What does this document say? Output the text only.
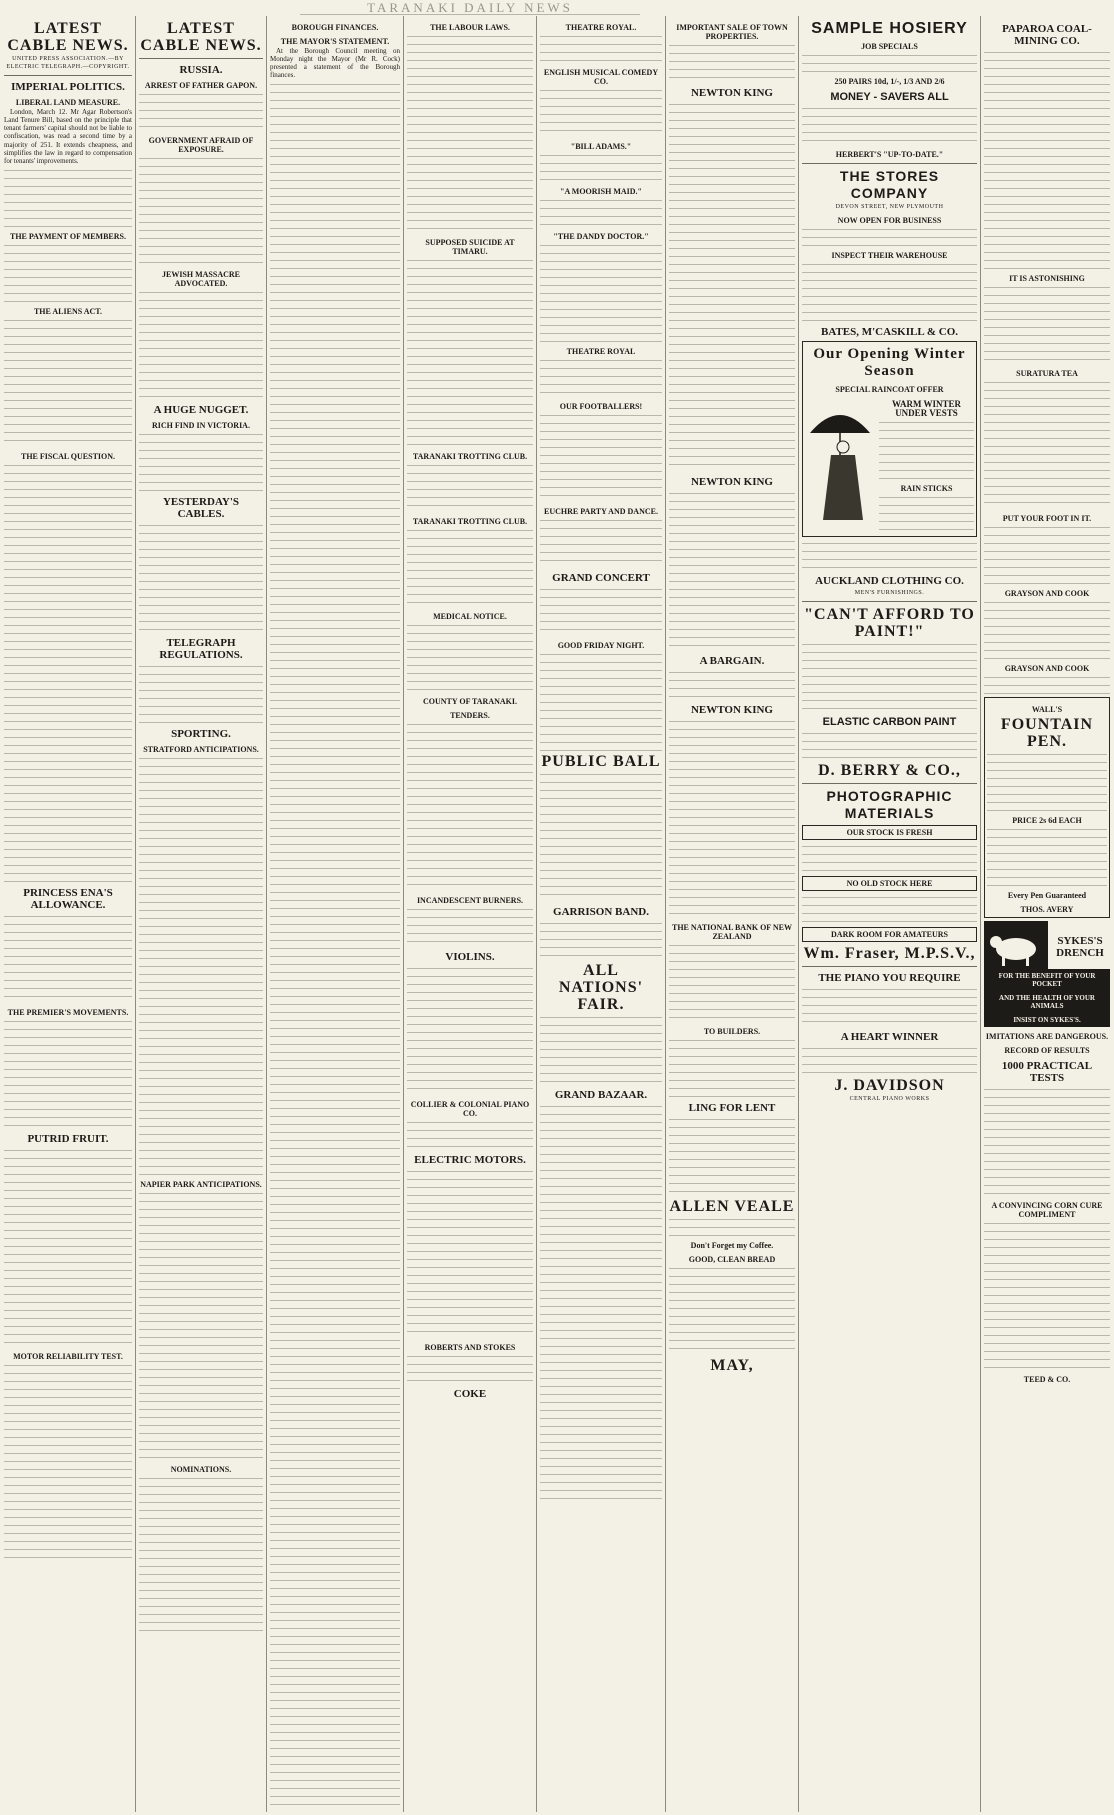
TARANAKI DAILY NEWS
LATEST CABLE NEWS.
UNITED PRESS ASSOCIATION.—BY ELECTRIC TELEGRAPH.—COPYRIGHT.
IMPERIAL POLITICS.
LIBERAL LAND MEASURE.

London, March 12. Mr Agar Robertson's Land Tenure Bill, based on the principle that tenant farmers' capital should not be liable to confiscation, was read a second time by a majority of 251. It extends cheapness, and simplifies the law in regard to compensation for tenants' improvements.

THE PAYMENT OF MEMBERS.
THE ALIENS ACT.
THE FISCAL QUESTION.
PRINCESS ENA'S ALLOWANCE.
THE PREMIER'S MOVEMENTS.
PUTRID FRUIT.
MOTOR RELIABILITY TEST.
LATEST CABLE NEWS.
RUSSIA.
ARREST OF FATHER GAPON.
GOVERNMENT AFRAID OF EXPOSURE.
JEWISH MASSACRE ADVOCATED.
A HUGE NUGGET.
RICH FIND IN VICTORIA.
YESTERDAY'S CABLES.
TELEGRAPH REGULATIONS.
SPORTING.
STRATFORD ANTICIPATIONS.
NAPIER PARK ANTICIPATIONS.
NOMINATIONS.
BOROUGH FINANCES.
THE MAYOR'S STATEMENT.

At the Borough Council meeting on Monday night the Mayor (Mr R. Cock) presented a statement of the Borough finances.

THE LABOUR LAWS.
SUPPOSED SUICIDE AT TIMARU.
TARANAKI TROTTING CLUB.
TARANAKI TROTTING CLUB.
MEDICAL NOTICE.
COUNTY OF TARANAKI.
TENDERS.
INCANDESCENT BURNERS.
VIOLINS.
COLLIER & COLONIAL PIANO CO.
ELECTRIC MOTORS.
ROBERTS AND STOKES
COKE
THEATRE ROYAL.
ENGLISH MUSICAL COMEDY CO.
"BILL ADAMS."
"A MOORISH MAID."
"THE DANDY DOCTOR."
THEATRE ROYAL
OUR FOOTBALLERS!
EUCHRE PARTY AND DANCE.
GRAND CONCERT
GOOD FRIDAY NIGHT.
PUBLIC BALL
GARRISON BAND.
ALL NATIONS' FAIR.
GRAND BAZAAR.
IMPORTANT SALE OF TOWN PROPERTIES.
NEWTON KING
NEWTON KING
A BARGAIN.
NEWTON KING
THE NATIONAL BANK OF NEW ZEALAND
TO BUILDERS.
LING FOR LENT
ALLEN VEALE
Don't Forget my Coffee.
GOOD, CLEAN BREAD
MAY,
SAMPLE HOSIERY
JOB SPECIALS
250 PAIRS 10d, 1/-, 1/3 AND 2/6
MONEY - SAVERS ALL
HERBERT'S "UP-TO-DATE."
THE STORES COMPANY
DEVON STREET, NEW PLYMOUTH
NOW OPEN FOR BUSINESS
INSPECT THEIR WAREHOUSE
BATES, M'CASKILL & CO.
Our Opening Winter Season
SPECIAL RAINCOAT OFFER
WARM WINTER UNDER VESTS
RAIN STICKS
AUCKLAND CLOTHING CO.
MEN'S FURNISHINGS.
"CAN'T AFFORD TO PAINT!"
ELASTIC CARBON PAINT
D. BERRY & CO.,
PHOTOGRAPHIC MATERIALS
OUR STOCK IS FRESH
NO OLD STOCK HERE
DARK ROOM FOR AMATEURS
Wm. Fraser, M.P.S.V.,
THE PIANO YOU REQUIRE
A HEART WINNER
J. DAVIDSON
CENTRAL PIANO WORKS
PAPAROA COAL-MINING CO.
IT IS ASTONISHING
SURATURA TEA
PUT YOUR FOOT IN IT.
GRAYSON AND COOK
GRAYSON AND COOK
WALL'S
FOUNTAIN PEN.
PRICE 2s 6d EACH
Every Pen Guaranteed
THOS. AVERY
SYKES'S DRENCH
FOR THE BENEFIT OF YOUR POCKET
AND THE HEALTH OF YOUR ANIMALS
INSIST ON SYKES'S.
IMITATIONS ARE DANGEROUS.
RECORD OF RESULTS
1000 PRACTICAL TESTS
A CONVINCING CORN CURE COMPLIMENT
TEED & CO.
